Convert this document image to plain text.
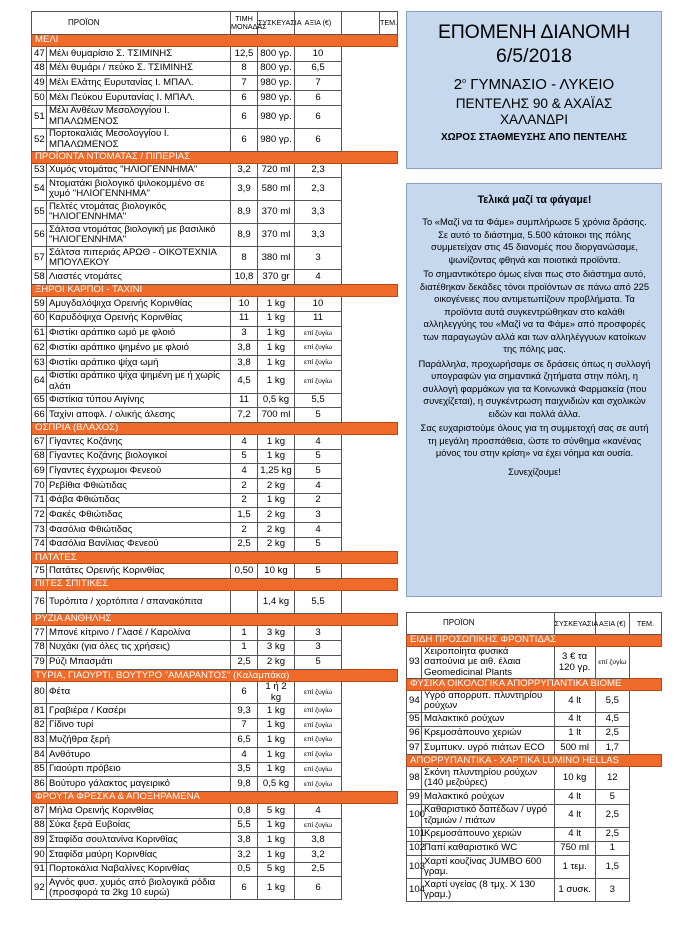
ΠΡΟΪΟΝ		ΤΙΜΗ ΜΟΝΑΔΑΣ	ΣΥΣΚΕΥΑΣΙΑ	ΑΞΙΑ (€)		ΤΕΜ.
ΜΕΛΙ						
47	Μέλι θυμαρίσιο Σ. ΤΣΙΜΙΝΗΣ	12,5	800 γρ.	10		
48	Μέλι θυμάρι / πεύκο Σ. ΤΣΙΜΙΝΗΣ	8	800 γρ.	6,5		
49	Μέλι Ελάτης Ευρυτανίας Ι. ΜΠΑΛ.	7	980 γρ.	7		
50	Μέλι Πεύκου Ευρυτανίας Ι. ΜΠΑΛ.	6	980 γρ.	6		
51	Μέλι Ανθέων Μεσολογγίου Ι. ΜΠΑΛΩΜΕΝΟΣ	6	980 γρ.	6		
52	Πορτοκαλιάς Μεσολογγίου Ι. ΜΠΑΛΩΜΕΝΟΣ	6	980 γρ.	6		
ΠΡΟΪΟΝΤΑ ΝΤΟΜΑΤΑΣ / ΠΙΠΕΡΙΑΣ						
53	Χυμός ντομάτας "ΗΛΙΟΓΕΝΝΗΜΑ"	3,2	720 ml	2,3		
54	Ντοματάκι βιολογικό ψιλοκομμένο σε χυμό "ΗΛΙΟΓΕΝΝΗΜΑ"	3,9	580 ml	2,3		
55	Πελτές ντομάτας βιολογικός "ΗΛΙΟΓΕΝΝΗΜΑ"	8,9	370 ml	3,3		
56	Σάλτσα ντομάτας βιολογική με βασιλικό "ΗΛΙΟΓΕΝΝΗΜΑ"	8,9	370 ml	3,3		
57	Σάλτσα πιπεριάς ΑΡΩΘ - ΟΙΚΟΤΕΧΝΙΑ ΜΠΟΥΛΕΚΟΥ	8	380 ml	3		
58	Λιαστές ντομάτες	10,8	370 gr	4		
ΞΗΡΟΙ ΚΑΡΠΟΙ - ΤΑΧΙΝΙ						
59	Αμυγδαλόψιχα Ορεινής Κορινθίας	10	1 kg	10		
60	Καρυδόψιχα Ορεινής Κορινθίας	11	1 kg	11		
61	Φιστίκι αράπικο ωμό με φλοιό	3	1 kg	επί ζυγίω		
62	Φιστίκι αράπικο ψημένο με φλοιό	3,8	1 kg	επί ζυγίω		
63	Φιστίκι αράπικο ψίχα ωμή	3,8	1 kg	επί ζυγίω		
64	Φιστίκι αράπικο ψίχα ψημένη με ή χωρίς αλάτι	4,5	1 kg	επί ζυγίω		
65	Φιστίκια τύπου Αιγίνης	11	0,5 kg	5,5		
66	Ταχίνι αποφλ. / ολικής άλεσης	7,2	700 ml	5		
ΟΣΠΡΙΑ (ΒΛΑΧΟΣ)						
67	Γίγαντες Κοζάνης	4	1 kg	4		
68	Γίγαντες Κοζάνης βιολογικοί	5	1 kg	5		
69	Γίγαντες έγχρωμοι Φενεού	4	1,25 kg	5		
70	Ρεβίθια Φθιώτιδας	2	2 kg	4		
71	Φάβα Φθιώτιδας	2	1 kg	2		
72	Φακές Φθιώτιδας	1,5	2 kg	3		
73	Φασόλια Φθιώτιδας	2	2 kg	4		
74	Φασόλια Βανίλιας Φενεού	2,5	2 kg	5		
ΠΑΤΑΤΕΣ						
75	Πατάτες Ορεινής Κορινθίας	0,50	10 kg	5		
ΠΙΤΕΣ ΣΠΙΤΙΚΕΣ						
76	Τυρόπιτα / χορτόπιτα / σπανακόπιτα		1,4 kg	5,5		
ΡΥΖΙΑ ΑΝΘΗΛΗΣ						
77	Μπονέ κίτρινο / Γλασέ / Καρολίνα	1	3 kg	3		
78	Νυχάκι (για όλες τις χρήσεις)	1	3 kg	3		
79	Ρύζι Μπασμάτι	2,5	2 kg	5		
ΤΥΡΙΑ, ΓΙΑΟΥΡΤΙ, ΒΟΥΤΥΡΟ "ΑΜΑΡΑΝΤΟΣ" (Καλαμπάκα)						
80	Φέτα	6	1 ή 2 kg	επί ζυγίω		
81	Γραβιέρα / Κασέρι	9,3	1 kg	επί ζυγίω		
82	Γίδινο τυρί	7	1 kg	επί ζυγίω		
83	Μυζήθρα ξερή	6,5	1 kg	επί ζυγίω		
84	Ανθότυρο	4	1 kg	επί ζυγίω		
85	Γιαούρτι πρόβειο	3,5	1 kg	επί ζυγίω		
86	Βούτυρο γάλακτος μαγειρικό	9,8	0,5 kg	επί ζυγίω		
ΦΡΟΥΤΑ ΦΡΕΣΚΑ & ΑΠΟΞΗΡΑΜΕΝΑ						
87	Μήλα Ορεινής Κορινθίας	0,8	5 kg	4		
88	Σύκα ξερά Ευβοίας	5,5	1 kg	επί ζυγίω		
89	Σταφίδα σουλτανίνα Κορινθίας	3,8	1 kg	3,8		
90	Σταφίδα μαύρη Κορινθίας	3,2	1 kg	3,2		
91	Πορτοκάλια Ναβαλίνες Κορινθίας	0,5	5 kg	2,5		
92	Αγνός φυσ. χυμός από βιολογικά ρόδια (προσφορά τα 2kg 10 ευρώ)	6	1 kg	6		
ΕΠΟΜΕΝΗ ΔΙΑΝΟΜΗ
6/5/2018
$2^o$ ΓΥΜΝΑΣΙΟ - ΛΥΚΕΙΟ
ΠΕΝΤΕΛΗΣ 90 & ΑΧΑΪΑΣ
ΧΑΛΑΝΔΡΙ
ΧΩΡΟΣ ΣΤΑΘΜΕΥΣΗΣ ΑΠΟ ΠΕΝΤΕΛΗΣ
Τελικά μαζί τα φάγαμε!

Το «Μαζί να τα Φάμε» συμπλήρωσε 5 χρόνια δράσης. Σε αυτό το διάστημα, 5.500 κάτοικοι της πόλης συμμετείχαν στις 45 διανομές που διοργανώσαμε, ψωνίζοντας φθηνά και ποιοτικά προϊόντα.

Το σημαντικότερο όμως είναι πως στο διάστημα αυτό, διατέθηκαν δεκάδες τόνοι προϊόντων σε πάνω από 225 οικογένειες που αντιμετωπίζουν προβλήματα. Τα προϊόντα αυτά συγκεντρώθηκαν στο καλάθι αλληλεγγύης του «Μαζί να τα Φάμε» από προσφορές των παραγωγών αλλά και των αλληλέγγυων κατοίκων της πόλης μας.

Παράλληλα, προχωρήσαμε σε δράσεις όπως η συλλογή υπογραφών για σημαντικά ζητήματα στην πόλη, η συλλογή φαρμάκων για τα Κοινωνικά Φαρμακεία (που συνεχίζεται), η συγκέντρωση παιχνιδιών και σχολικών ειδών και πολλά άλλα.

Σας ευχαριστούμε όλους για τη συμμετοχή σας σε αυτή τη μεγάλη προσπάθεια, ώστε το σύνθημα «κανένας μόνος του στην κρίση» να έχει νόημα και ουσία.

Συνεχίζουμε!

ΠΡΟΪΟΝ		ΣΥΣΚΕΥΑΣΙΑ	ΑΞΙΑ (€)	ΤΕΜ.
ΕΙΔΗ ΠΡΟΣΩΠΙΚΗΣ ΦΡΟΝΤΙΔΑΣ				
93	Χειροποίητα φυσικά σαπούνια με αιθ. έλαια Geomedicinal Plants	3 € τα 120 γρ.	επί ζυγίω	
ΦΥΣΙΚΑ ΟΙΚΟΛΟΓΙΚΑ ΑΠΟΡΡΥΠΑΝΤΙΚΑ ΒΙΟΜΕ				
94	Υγρό απορρυπ. πλυντηρίου ρούχων	4 lt	5,5	
95	Μαλακτικό ρούχων	4 lt	4,5	
96	Κρεμοσάπουνο χεριών	1 lt	2,5	
97	Συμπυκν. υγρό πιάτων ECO	500 ml	1,7	
ΑΠΟΡΡΥΠΑΝΤΙΚΑ - ΧΑΡΤΙΚΑ LUMINO HELLAS				
98	Σκόνη πλυντηρίου ρούχων (140 μεζούρες)	10 kg	12	
99	Μαλακτικό ρούχων	4 lt	5	
100	Καθαριστικό δαπέδων / υγρό τζαμιών / πιάτων	4 lt	2,5	
101	Κρεμοσάπουνο χεριών	4 lt	2,5	
102	Παπί καθαριστικό WC	750 ml	1	
103	Χαρτί κουζίνας JUMBO 600 γραμ.	1 τεμ.	1,5	
104	Χαρτί υγείας (8 τμχ. Χ 130 γραμ.)	1 συσκ.	3	
